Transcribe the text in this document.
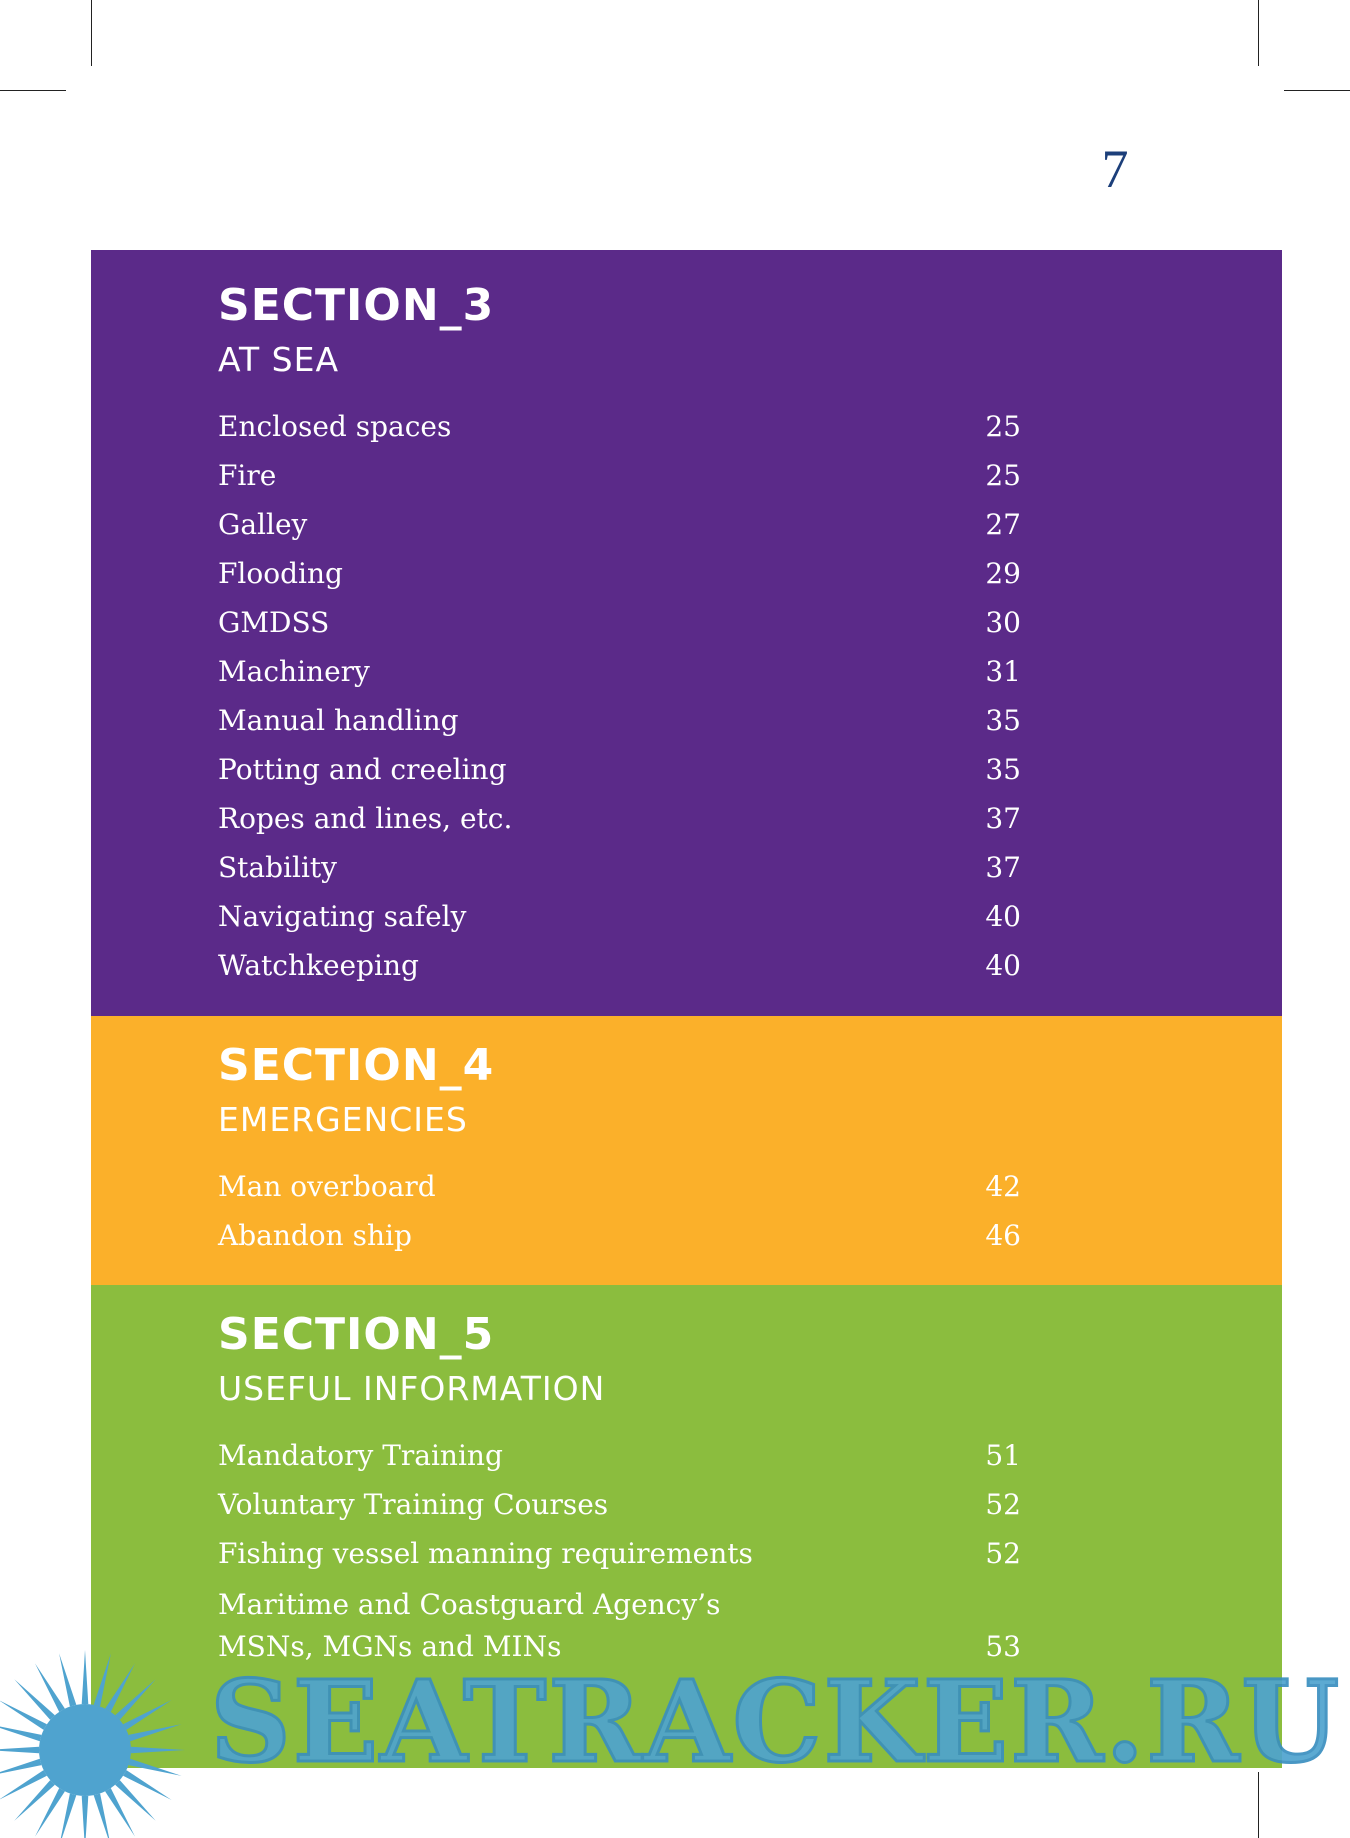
7
SECTION_3
AT SEA
Enclosed spaces	25
Fire	25
Galley	27
Flooding	29
GMDSS	30
Machinery	31
Manual handling	35
Potting and creeling	35
Ropes and lines, etc.	37
Stability	37
Navigating safely	40
Watchkeeping	40
SECTION_4
EMERGENCIES
Man overboard	42
Abandon ship	46
SECTION_5
USEFUL INFORMATION
Mandatory Training	51
Voluntary Training Courses	52
Fishing vessel manning requirements	52
Maritime and Coastguard Agency’s
MSNs, MGNs and MINs	53
SEATRACKER.RU
